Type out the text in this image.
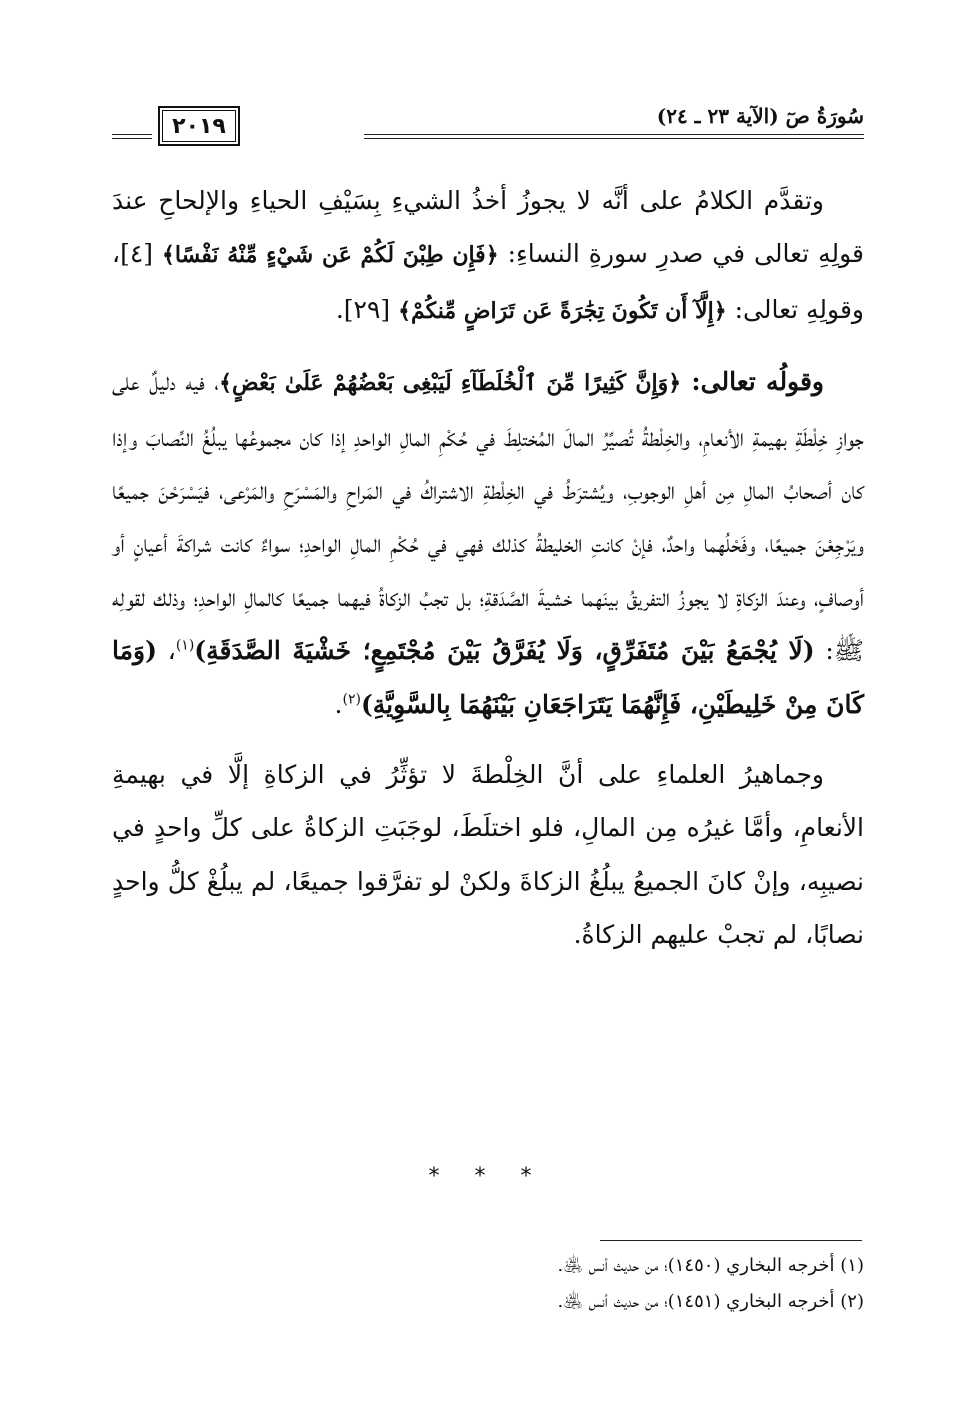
سُورَةُ صٓ (الآية ٢٣ ـ ٢٤)
٢٠١٩

وتقدَّم الكلامُ على أنَّه لا يجوزُ أخذُ الشيءِ بِسَيْفِ الحياءِ والإلحاحِ عندَ قولِهِ تعالى في صدرِ سورةِ النساءِ: ﴿فَإِن طِبْنَ لَكُمْ عَن شَيْءٍ مِّنْهُ نَفْسًا﴾ [٤]، وقولِهِ تعالى: ﴿إِلَّآ أَن تَكُونَ تِجَٰرَةً عَن تَرَاضٍ مِّنكُمْ﴾ [٢٩].

وقولُه تعالى: ﴿وَإِنَّ كَثِيرًا مِّنَ ٱلْخُلَطَآءِ لَيَبْغِى بَعْضُهُمْ عَلَىٰ بَعْضٍ﴾، فيه دليلٌ على جوازِ خِلْطَةِ بهيمةِ الأنعامِ، والخِلْطةُ تُصيِّرُ المالَ المُختلِطَ في حُكْمِ المالِ الواحدِ إذا كان مجموعُها يبلُغُ النِّصابَ وإذا كان أصحابُ المالِ مِن أهلِ الوجوبِ، ويُشترَطُ في الخِلْطةِ الاشتراكُ في المَراحِ والمَسْرَحِ والمَرْعى، فيَسْرَحْنَ جميعًا ويَرْجِعْنَ جميعًا، وفَحْلُهما واحدٌ، فإنْ كانتِ الخليطةُ كذلك فهي في حُكْمِ المالِ الواحدِ؛ سواءٌ كانت شراكةَ أعيانٍ أو أوصافٍ، وعندَ الزكاةِ لا يجوزُ التفريقُ بينَهما خشيةَ الصَّدَقةِ؛ بل تجبُ الزكاةُ فيهما جميعًا كالمالِ الواحدِ؛ وذلك لقولِه ﷺ: (لَا يُجْمَعُ بَيْنَ مُتَفَرِّقٍ، وَلَا يُفَرَّقُ بَيْنَ مُجْتَمِعٍ؛ خَشْيَةَ الصَّدَقَةِ)$^{(١)}$، (وَمَا كَانَ مِنْ خَلِيطَيْنِ، فَإِنَّهُمَا يَتَرَاجَعَانِ بَيْنَهُمَا بِالسَّوِيَّةِ)$^{(٢)}$.

وجماهيرُ العلماءِ على أنَّ الخِلْطةَ لا تؤثِّرُ في الزكاةِ إلَّا في بهيمةِ الأنعامِ، وأمَّا غيرُه مِن المالِ، فلو اختلَطَ، لوجَبَتِ الزكاةُ على كلِّ واحدٍ في نصيبِه، وإنْ كانَ الجميعُ يبلُغُ الزكاةَ ولكنْ لو تفرَّقوا جميعًا، لم يبلُغْ كلُّ واحدٍ نصابًا، لم تجبْ عليهم الزكاةُ.

* * *

(١) أخرجه البخاري (١٤٥٠)؛ من حديث أنس ﵁.

(٢) أخرجه البخاري (١٤٥١)؛ من حديث أنس ﵁.
